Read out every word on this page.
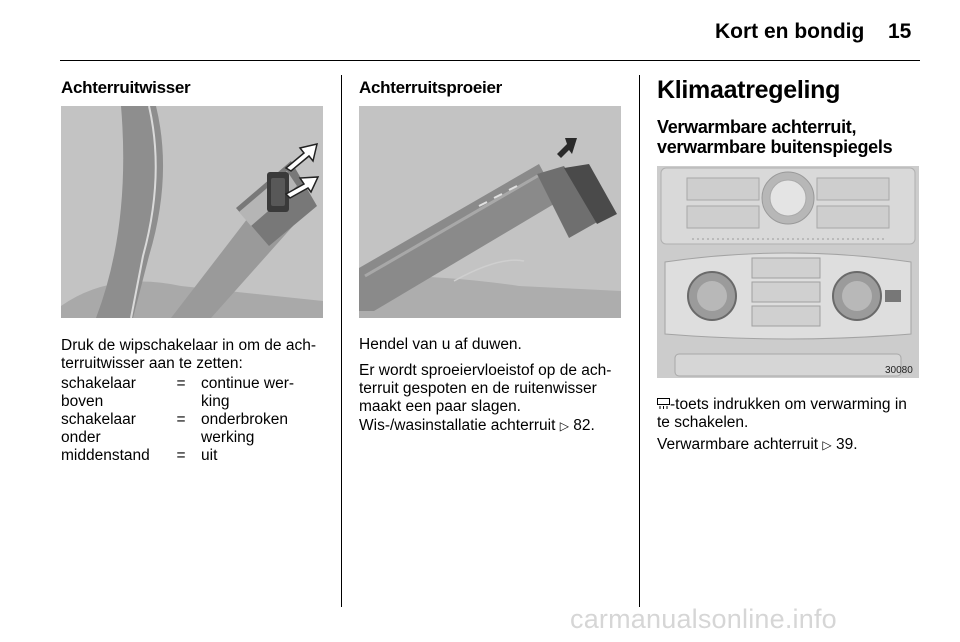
Kort en bondig 15
Achterruitwisser
Druk de wipschakelaar in om de ach-
terruitwisser aan te zetten:
schakelaar boven	=	continue wer- king
schakelaar onder	=	onderbroken werking
middenstand	=	uit
Achterruitsproeier
Hendel van u af duwen.
Er wordt sproeiervloeistof op de ach-
terruit gespoten en de ruitenwisser
maakt een paar slagen.
Wis-/wasinstallatie achterruit ▷ 82.
Klimaatregeling
Verwarmbare achterruit,
verwarmbare buitenspiegels
30080
-toets indrukken om verwarming in
te schakelen.
Verwarmbare achterruit ▷ 39.
carmanualsonline.info
